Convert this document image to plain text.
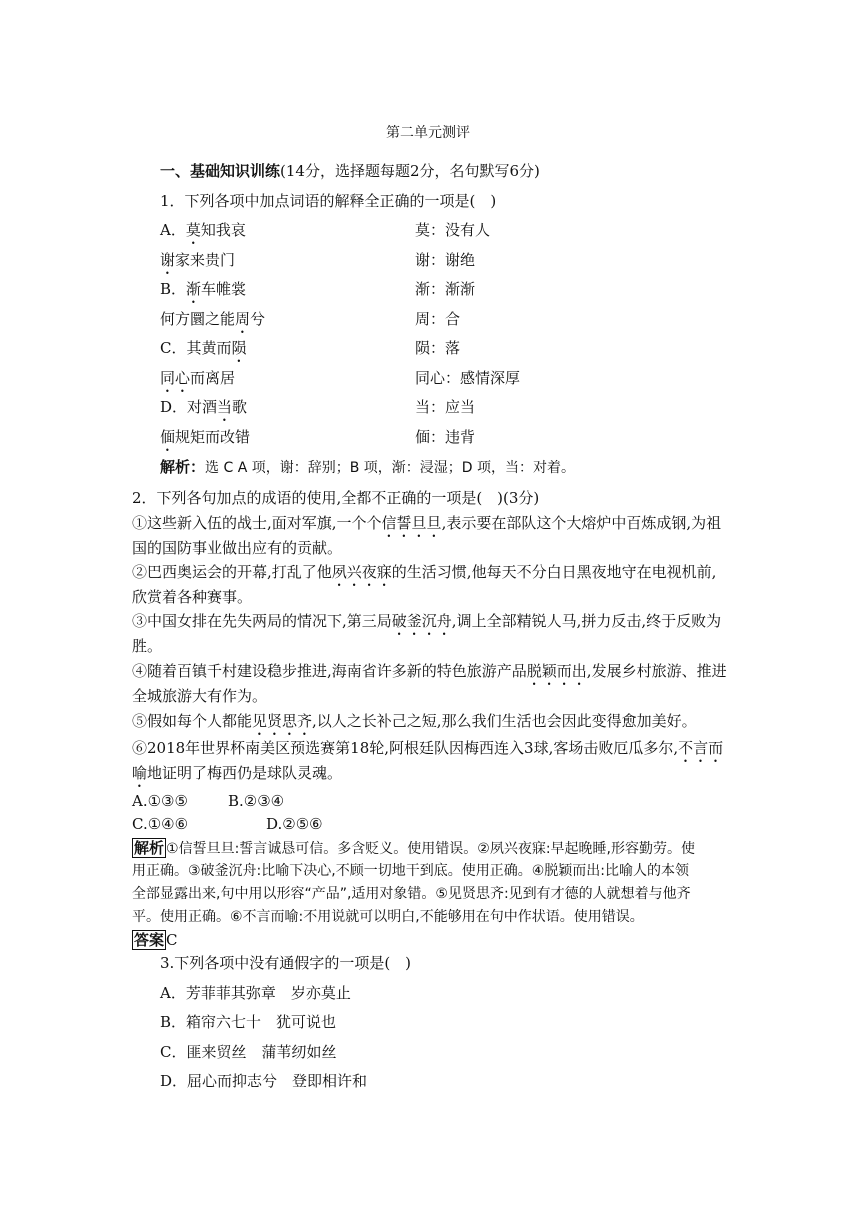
第二单元测评
一、基础知识训练(14分，选择题每题2分，名句默写6分)
1．下列各项中加点词语的解释全正确的一项是(　)
A．莫知我哀	莫：没有人
谢家来贵门	谢：谢绝
B．渐车帷裳	渐：渐渐
何方圜之能周兮	周：合
C．其黄而陨	陨：落
同心而离居	同心：感情深厚
D．对酒当歌	当：应当
偭规矩而改错	偭：违背
解析：选 C A 项，谢：辞别；B 项，渐：浸湿；D 项，当：对着。
2．下列各句加点的成语的使用,全都不正确的一项是(　)(3分)
①这些新入伍的战士,面对军旗,一个个信誓旦旦,表示要在部队这个大熔炉中百炼成钢,为祖
国的国防事业做出应有的贡献。
②巴西奥运会的开幕,打乱了他夙兴夜寐的生活习惯,他每天不分白日黑夜地守在电视机前,
欣赏着各种赛事。
③中国女排在先失两局的情况下,第三局破釜沉舟,调上全部精锐人马,拼力反击,终于反败为
胜。
④随着百镇千村建设稳步推进,海南省许多新的特色旅游产品脱颖而出,发展乡村旅游、推进
全城旅游大有作为。
⑤假如每个人都能见贤思齐,以人之长补己之短,那么我们生活也会因此变得愈加美好。
⑥2018年世界杯南美区预选赛第18轮,阿根廷队因梅西连入3球,客场击败厄瓜多尔,不言而
喻地证明了梅西仍是球队灵魂。
A.①③⑤	B.②③④
C.①④⑥	D.②⑤⑥
解析 ①信誓旦旦:誓言诚恳可信。多含贬义。使用错误。②夙兴夜寐:早起晚睡,形容勤劳。使
用正确。③破釜沉舟:比喻下决心,不顾一切地干到底。使用正确。④脱颖而出:比喻人的本领
全部显露出来,句中用以形容“产品”,适用对象错。⑤见贤思齐:见到有才德的人就想着与他齐
平。使用正确。⑥不言而喻:不用说就可以明白,不能够用在句中作状语。使用错误。
答案 C
3.下列各项中没有通假字的一项是(　)
A．芳菲菲其弥章　岁亦莫止
B．箱帘六七十　犹可说也
C．匪来贸丝　蒲苇纫如丝
D．屈心而抑志兮　登即相许和
